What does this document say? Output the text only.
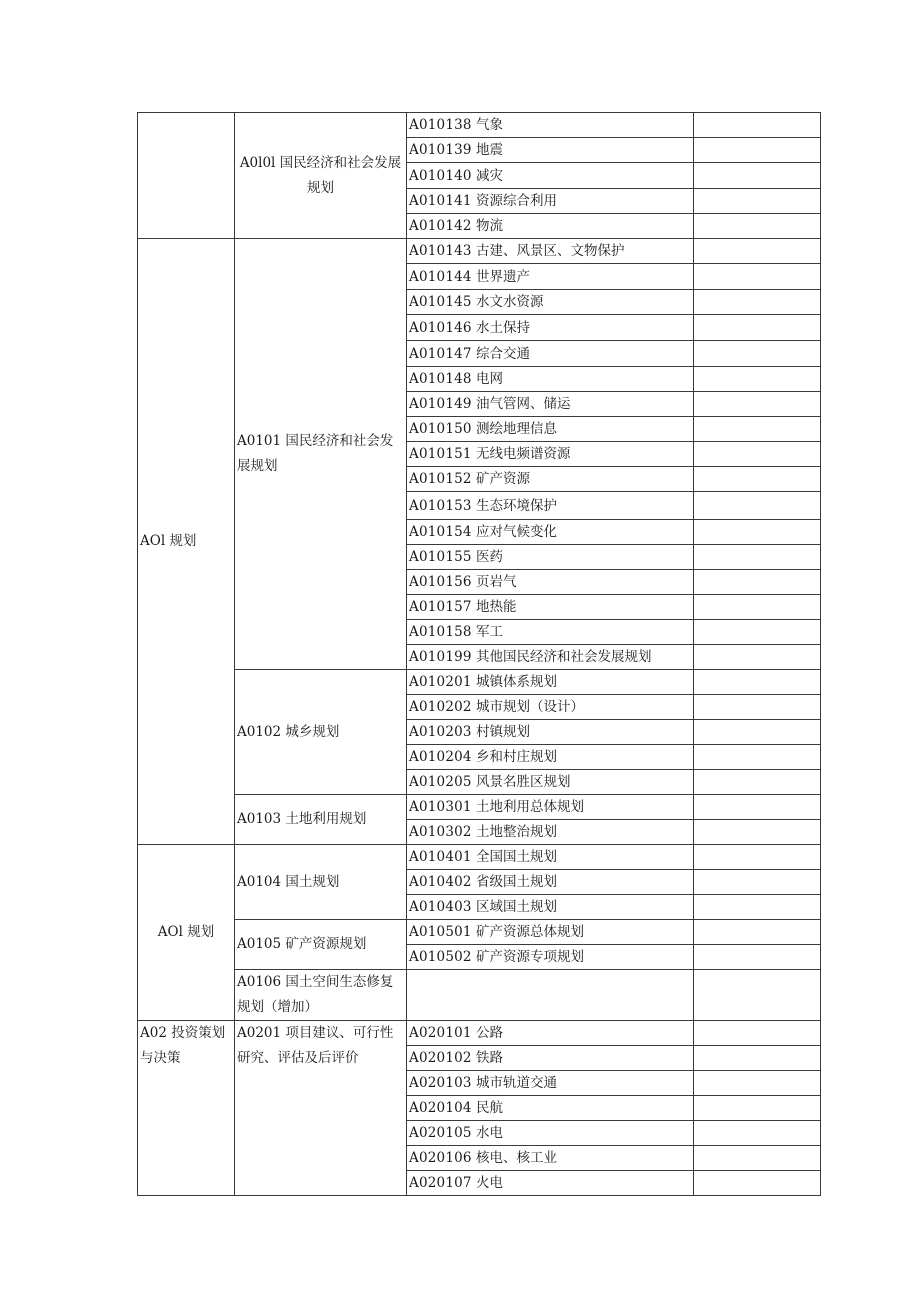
	A0l0l 国民经济和社会发展规划	A010138 气象	
		A010139 地震	
		A010140 减灾	
		A010141 资源综合利用	
		A010142 物流	
AOl 规划	A0101 国民经济和社会发展规划	A010143 古建、风景区、文物保护	
		A010144 世界遗产	
		A010145 水文水资源	
		A010146 水土保持	
		A010147 综合交通	
		A010148 电网	
		A010149 油气管网、储运	
		A010150 测绘地理信息	
		A010151 无线电频谱资源	
		A010152 矿产资源	
		A010153 生态环境保护	
		A010154 应对气候变化	
		A010155 医药	
		A010156 页岩气	
		A010157 地热能	
		A010158 军工	
		A010199 其他国民经济和社会发展规划	
	A0102 城乡规划	A010201 城镇体系规划	
		A010202 城市规划（设计）	
		A010203 村镇规划	
		A010204 乡和村庄规划	
		A010205 风景名胜区规划	
	A0103 土地利用规划	A010301 土地利用总体规划	
		A010302 土地整治规划	
AOl 规划	A0104 国土规划	A010401 全国国土规划	
		A010402 省级国土规划	
		A010403 区域国土规划	
	A0105 矿产资源规划	A010501 矿产资源总体规划	
		A010502 矿产资源专项规划	
	A0106 国土空间生态修复规划（增加）		
A02 投资策划与决策	A0201 项目建议、可行性研究、评估及后评价	A020101 公路	
		A020102 铁路	
		A020103 城市轨道交通	
		A020104 民航	
		A020105 水电	
		A020106 核电、核工业	
		A020107 火电	
